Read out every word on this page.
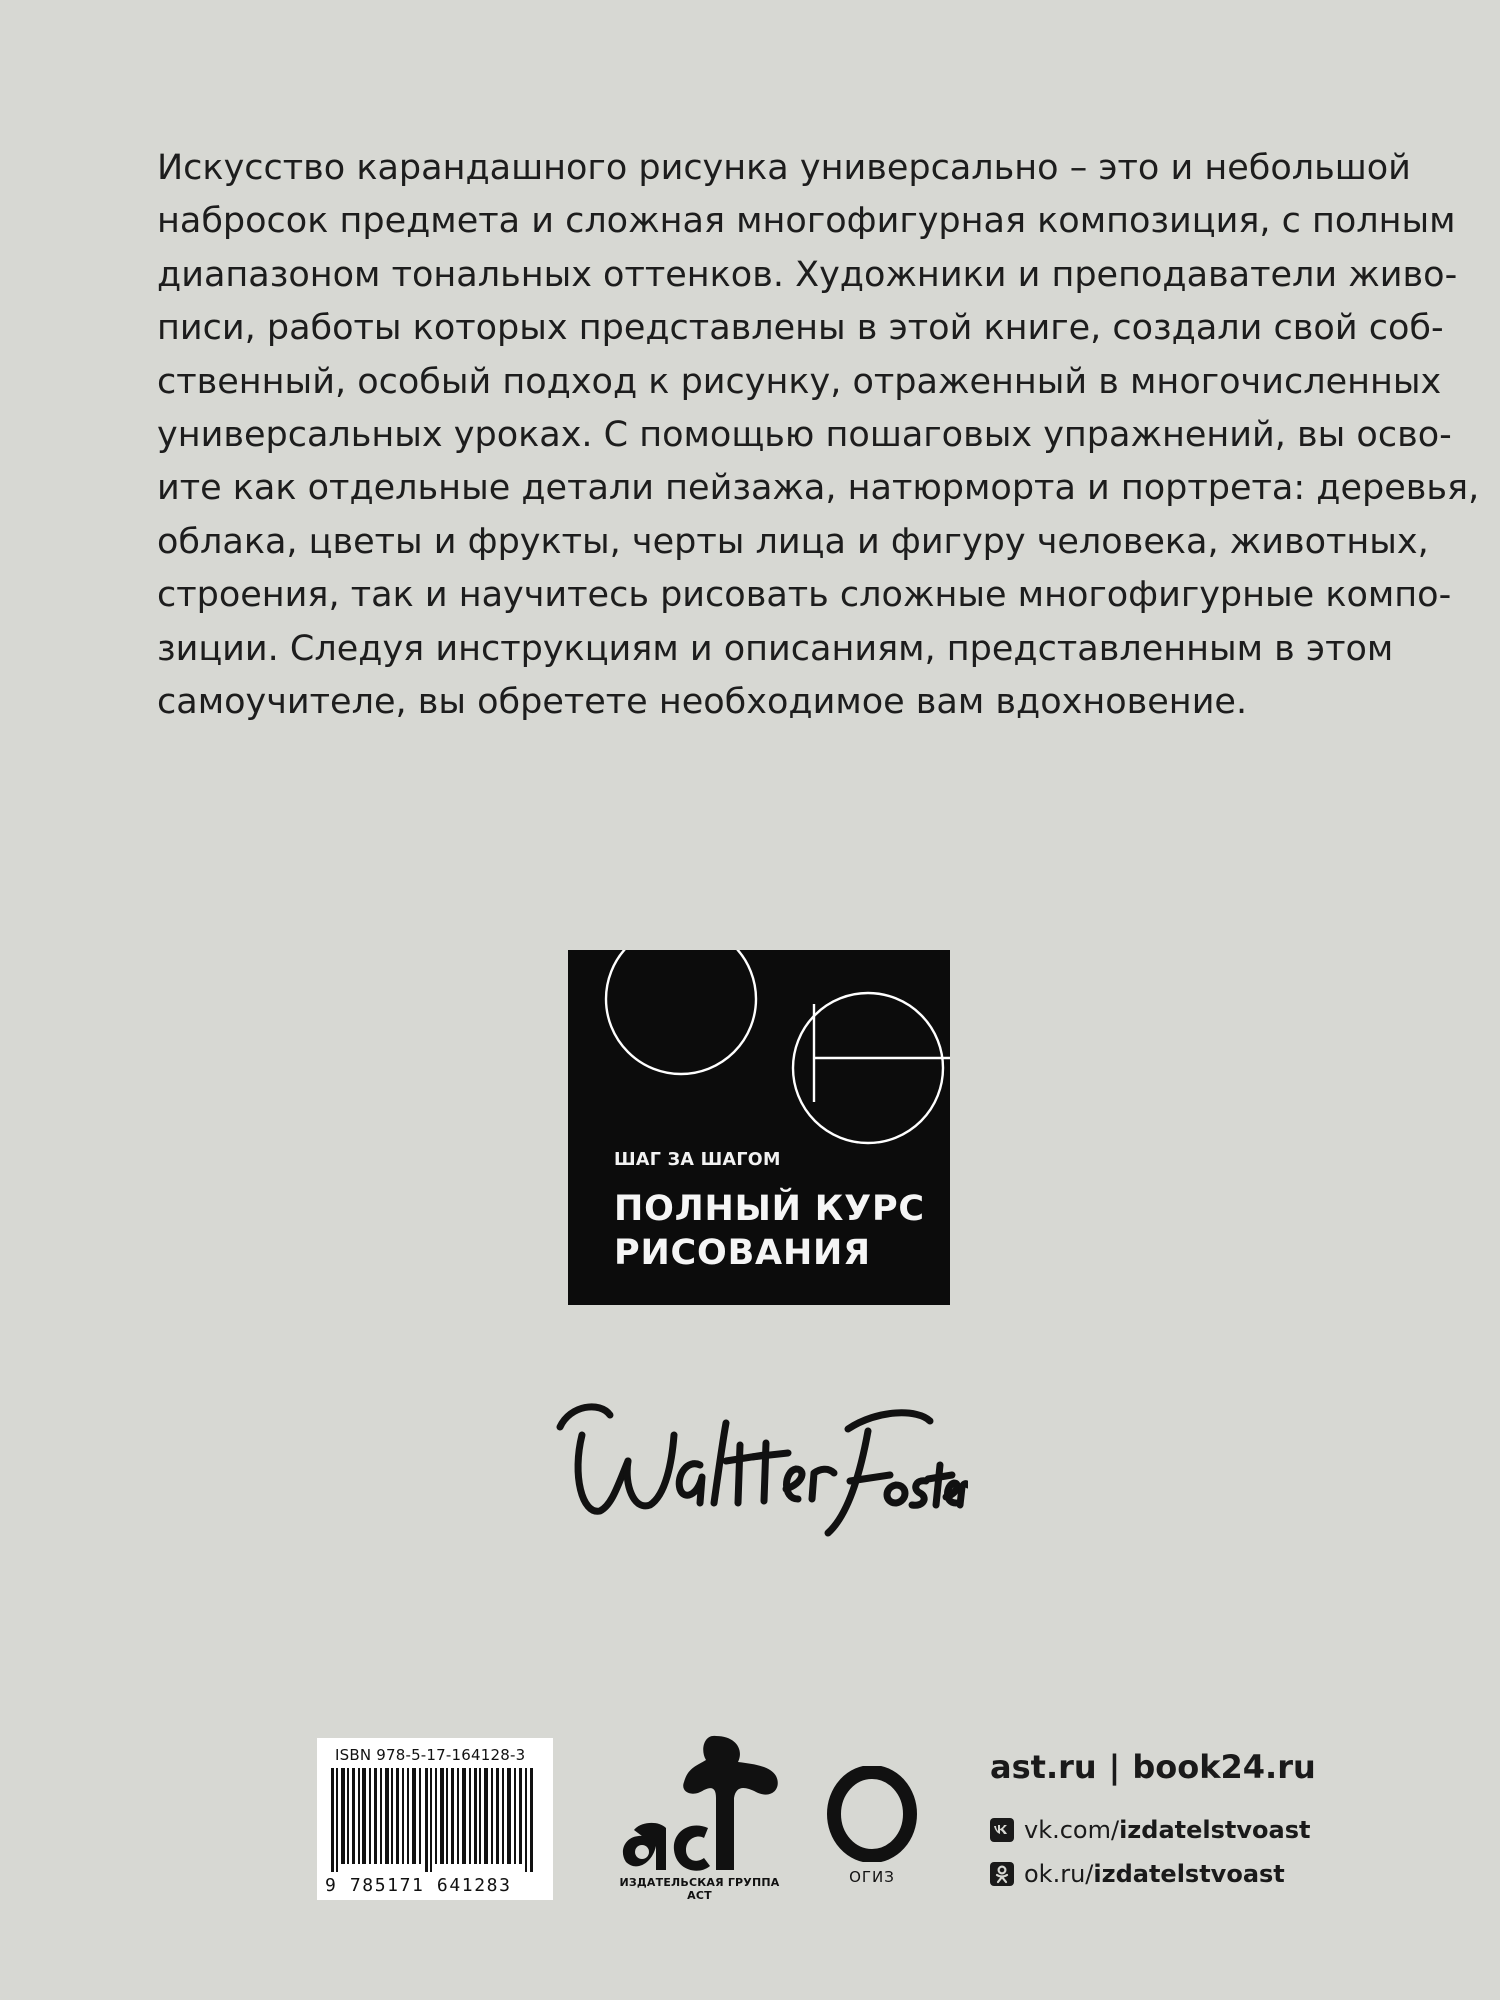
Искусство карандашного рисунка универсально – это и небольшой
набросок предмета и сложная многофигурная композиция, с полным
диапазоном тональных оттенков. Художники и преподаватели живо-
писи, работы которых представлены в этой книге, создали свой соб-
ственный, особый подход к рисунку, отраженный в многочисленных
универсальных уроках. С помощью пошаговых упражнений, вы осво-
ите как отдельные детали пейзажа, натюрморта и портрета: деревья,
облака, цветы и фрукты, черты лица и фигуру человека, животных,
строения, так и научитесь рисовать сложные многофигурные компо-
зиции. Следуя инструкциям и описаниям, представленным в этом
самоучителе, вы обретете необходимое вам вдохновение.
ШАГ ЗА ШАГОМ
ПОЛНЫЙ КУРС
РИСОВАНИЯ
ISBN 978-5-17-164128-3
9 785171 641283	ИЗДАТЕЛЬСКАЯ ГРУППА АСТ
ОГИЗ
ast.ru | book24.ru
vk.com/ izdatelstvoast
ok.ru/ izdatelstvoast
